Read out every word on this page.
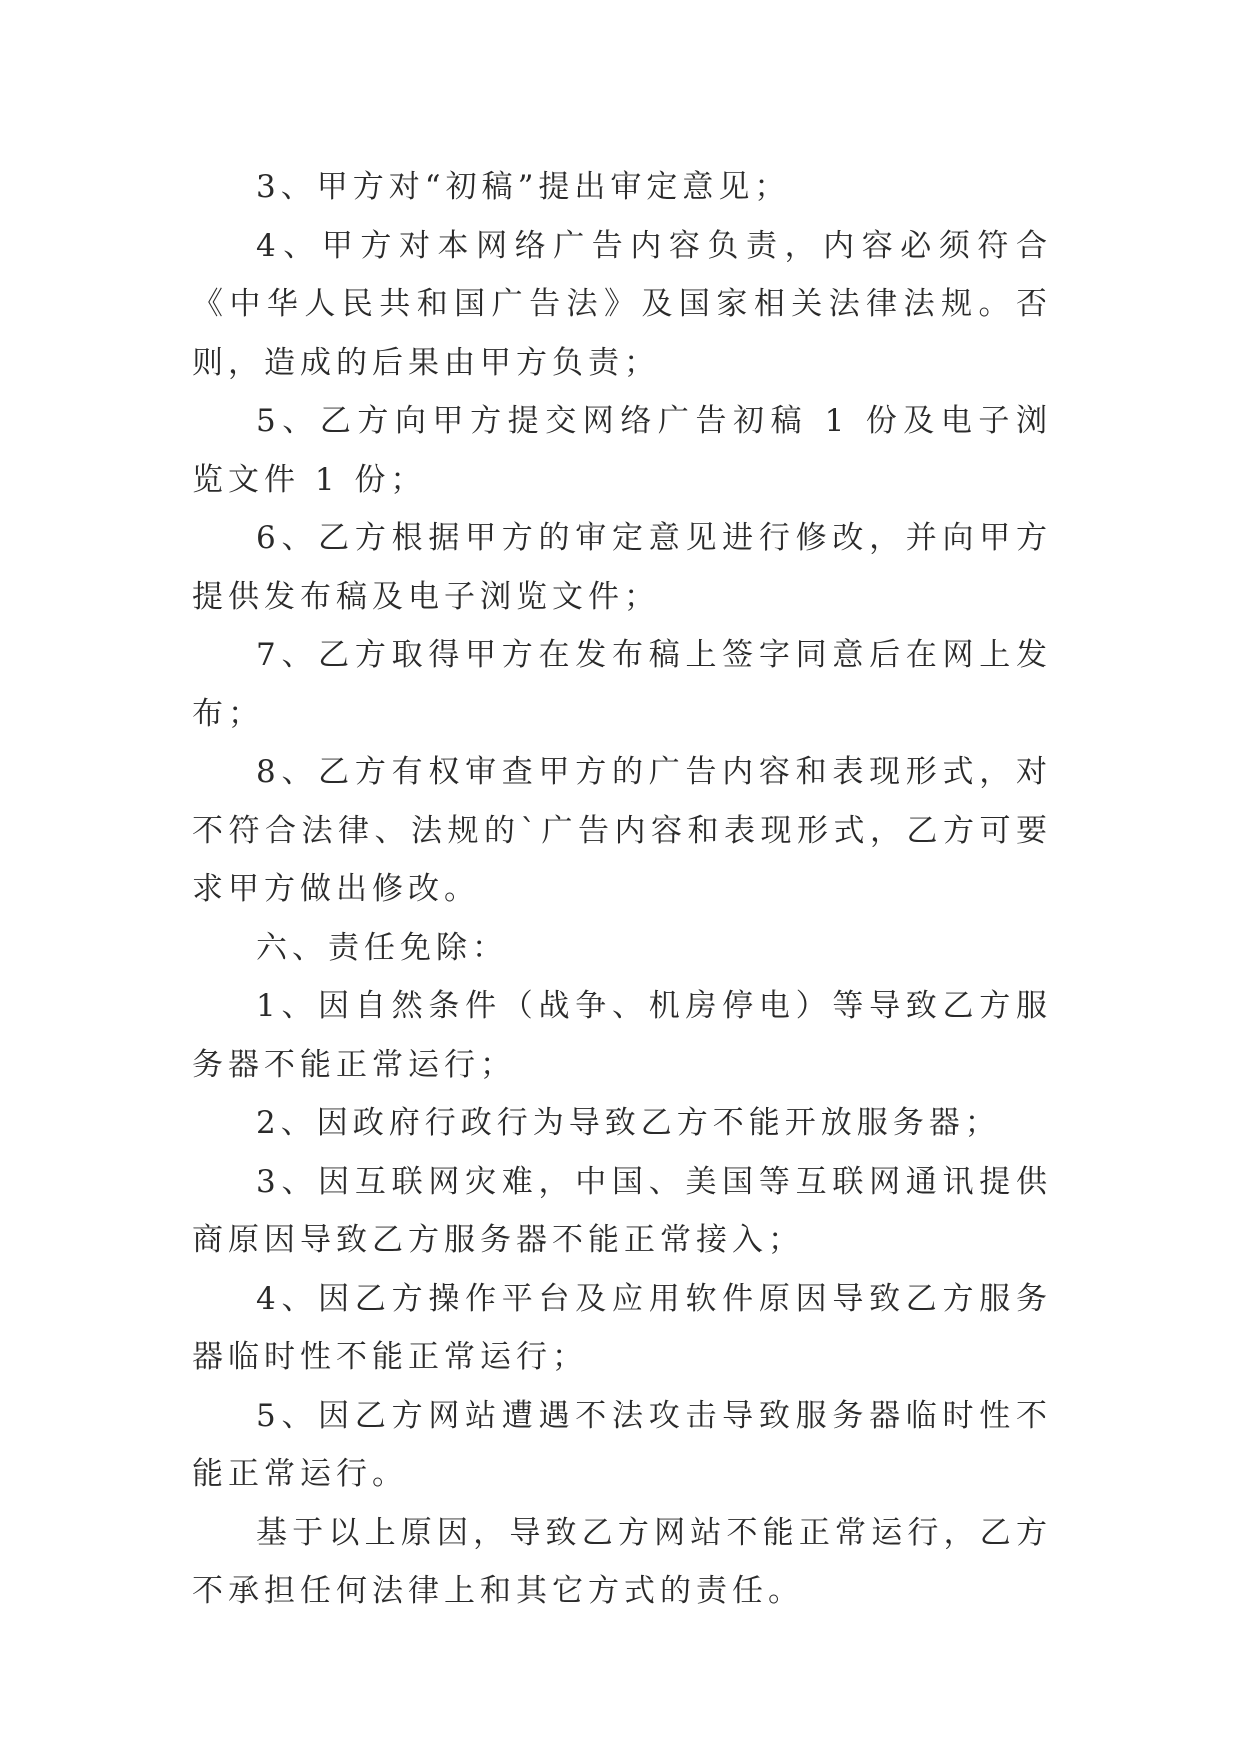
3、甲方对“初稿”提出审定意见；

4、甲方对本网络广告内容负责，内容必须符合《中华人民共和国广告法》及国家相关法律法规。否则，造成的后果由甲方负责；

5、乙方向甲方提交网络广告初稿 1 份及电子浏览文件 1 份；

6、乙方根据甲方的审定意见进行修改，并向甲方提供发布稿及电子浏览文件；

7、乙方取得甲方在发布稿上签字同意后在网上发布；

8、乙方有权审查甲方的广告内容和表现形式，对不符合法律、法规的`广告内容和表现形式，乙方可要求甲方做出修改。

六、责任免除：

1、因自然条件（战争、机房停电）等导致乙方服务器不能正常运行；

2、因政府行政行为导致乙方不能开放服务器；

3、因互联网灾难，中国、美国等互联网通讯提供商原因导致乙方服务器不能正常接入；

4、因乙方操作平台及应用软件原因导致乙方服务器临时性不能正常运行；

5、因乙方网站遭遇不法攻击导致服务器临时性不能正常运行。

基于以上原因，导致乙方网站不能正常运行，乙方不承担任何法律上和其它方式的责任。
